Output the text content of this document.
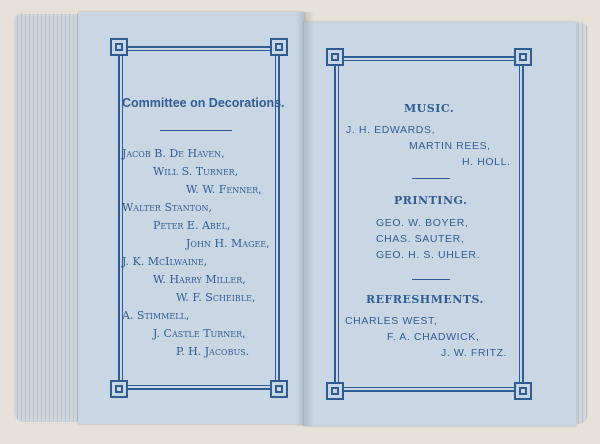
Committee on Decorations.
Jacob B. De Haven,
Will S. Turner,
W. W. Fenner,
Walter Stanton,
Peter E. Abel,
John H. Magee,
J. K. McIlwaine,
W. Harry Miller,
W. F. Scheible,
A. Stimmell,
J. Castle Turner,
P. H. Jacobus.
MUSIC.
J. H. EDWARDS,
MARTIN REES,
H. HOLL.
PRINTING.
GEO. W. BOYER,
CHAS. SAUTER,
GEO. H. S. UHLER.
REFRESHMENTS.
CHARLES WEST,
F. A. CHADWICK,
J. W. FRITZ.
